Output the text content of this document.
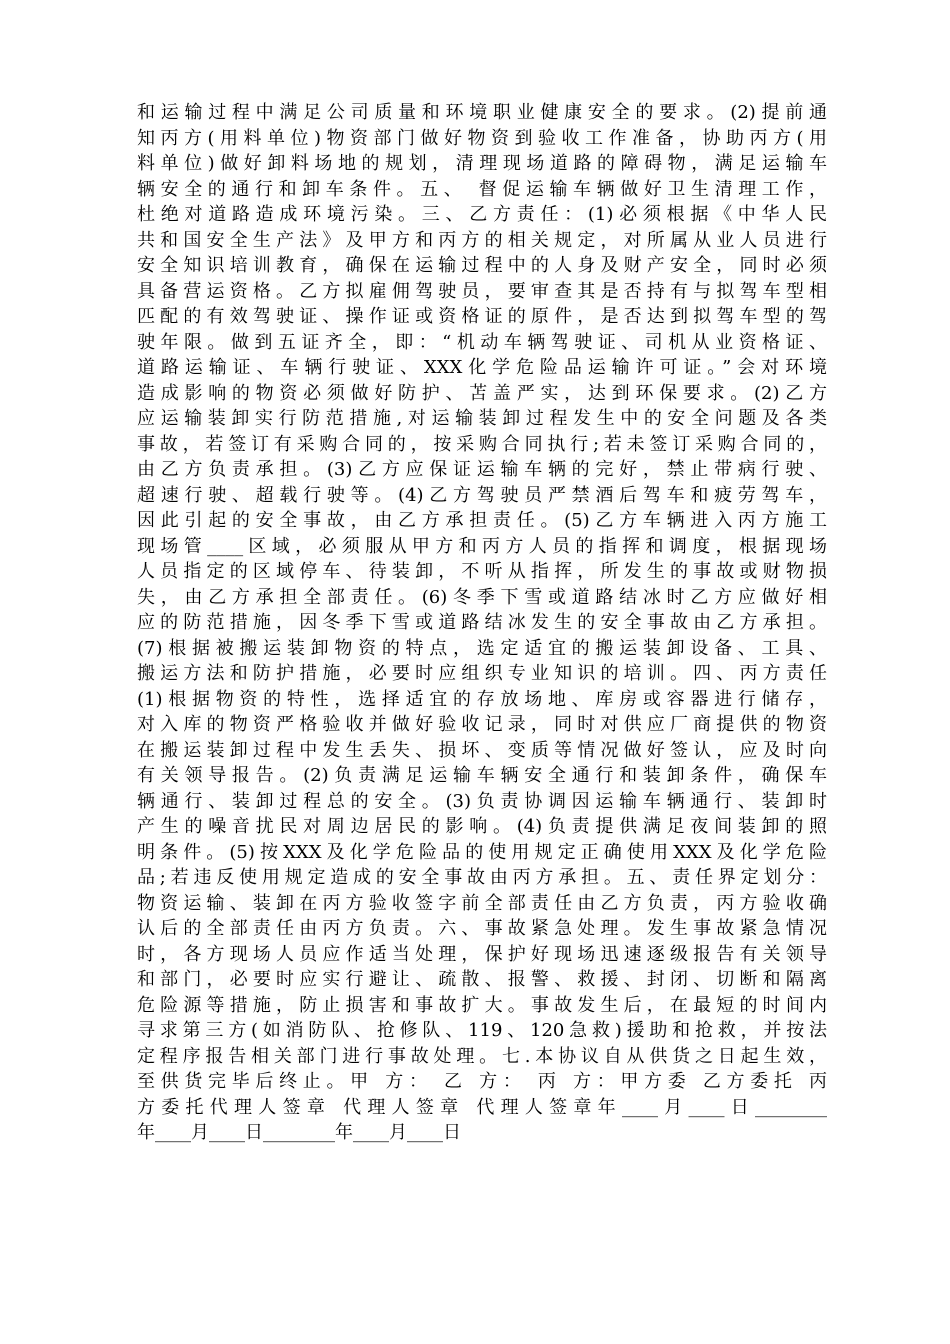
和运输过程中满足公司质量和环境职业健康安全的要求。(2)提前通
知丙方(用料单位)物资部门做好物资到验收工作准备，协助丙方(用
料单位)做好卸料场地的规划，清理现场道路的障碍物，满足运输车
辆安全的通行和卸车条件。五、 督促运输车辆做好卫生清理工作，
杜绝对道路造成环境污染。三、乙方责任：(1)必须根据《中华人民
共和国安全生产法》及甲方和丙方的相关规定，对所属从业人员进行
安全知识培训教育，确保在运输过程中的人身及财产安全，同时必须
具备营运资格。乙方拟雇佣驾驶员，要审查其是否持有与拟驾车型相
匹配的有效驾驶证、操作证或资格证的原件，是否达到拟驾车型的驾
驶年限。做到五证齐全，即：“机动车辆驾驶证、司机从业资格证、
道路运输证、车辆行驶证、XXX化学危险品运输许可证。”会对环境
造成影响的物资必须做好防护、苫盖严实，达到环保要求。(2)乙方
应运输装卸实行防范措施,对运输装卸过程发生中的安全问题及各类
事故，若签订有采购合同的，按采购合同执行;若未签订采购合同的，
由乙方负责承担。(3)乙方应保证运输车辆的完好，禁止带病行驶、
超速行驶、超载行驶等。(4)乙方驾驶员严禁酒后驾车和疲劳驾车，
因此引起的安全事故，由乙方承担责任。(5)乙方车辆进入丙方施工
现场管____区域，必须服从甲方和丙方人员的指挥和调度，根据现场
人员指定的区域停车、待装卸，不听从指挥，所发生的事故或财物损
失，由乙方承担全部责任。(6)冬季下雪或道路结冰时乙方应做好相
应的防范措施，因冬季下雪或道路结冰发生的安全事故由乙方承担。
(7)根据被搬运装卸物资的特点，选定适宜的搬运装卸设备、工具、
搬运方法和防护措施，必要时应组织专业知识的培训。四、丙方责任
(1)根据物资的特性，选择适宜的存放场地、库房或容器进行储存，
对入库的物资严格验收并做好验收记录，同时对供应厂商提供的物资
在搬运装卸过程中发生丢失、损坏、变质等情况做好签认，应及时向
有关领导报告。(2)负责满足运输车辆安全通行和装卸条件，确保车
辆通行、装卸过程总的安全。(3)负责协调因运输车辆通行、装卸时
产生的噪音扰民对周边居民的影响。(4)负责提供满足夜间装卸的照
明条件。(5)按XXX及化学危险品的使用规定正确使用XXX及化学危险
品;若违反使用规定造成的安全事故由丙方承担。五、责任界定划分：
物资运输、装卸在丙方验收签字前全部责任由乙方负责，丙方验收确
认后的全部责任由丙方负责。六、事故紧急处理。发生事故紧急情况
时，各方现场人员应作适当处理，保护好现场迅速逐级报告有关领导
和部门，必要时应实行避让、疏散、报警、救援、封闭、切断和隔离
危险源等措施，防止损害和事故扩大。事故发生后，在最短的时间内
寻求第三方(如消防队、抢修队、119、120急救)援助和抢救，并按法
定程序报告相关部门进行事故处理。七.本协议自从供货之日起生效，
至供货完毕后终止。甲 方： 乙 方： 丙 方：甲方委 乙方委托 丙
方委托代理人签章 代理人签章 代理人签章年____月____日________
年____月____日________年____月____日
